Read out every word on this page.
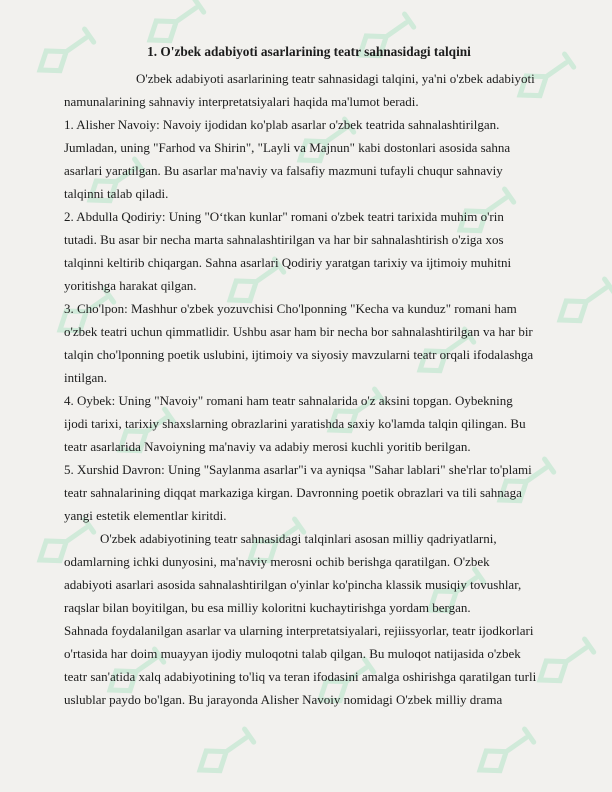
1. O'zbek adabiyoti asarlarining teatr sahnasidagi talqini
O'zbek adabiyoti asarlarining teatr sahnasidagi talqini, ya'ni o'zbek adabiyoti
namunalarining sahnaviy interpretatsiyalari haqida ma'lumot beradi.
1. Alisher Navoiy: Navoiy ijodidan ko'plab asarlar o'zbek teatrida sahnalashtirilgan.
Jumladan, uning "Farhod va Shirin", "Layli va Majnun" kabi dostonlari asosida sahna
asarlari yaratilgan. Bu asarlar ma'naviy va falsafiy mazmuni tufayli chuqur sahnaviy
talqinni talab qiladi.
2. Abdulla Qodiriy: Uning "O‘tkan kunlar" romani o'zbek teatri tarixida muhim o'rin
tutadi. Bu asar bir necha marta sahnalashtirilgan va har bir sahnalashtirish o'ziga xos
talqinni keltirib chiqargan. Sahna asarlari Qodiriy yaratgan tarixiy va ijtimoiy muhitni
yoritishga harakat qilgan.
3. Cho'lpon: Mashhur o'zbek yozuvchisi Cho'lponning "Kecha va kunduz" romani ham
o'zbek teatri uchun qimmatlidir. Ushbu asar ham bir necha bor sahnalashtirilgan va har bir
talqin cho'lponning poetik uslubini, ijtimoiy va siyosiy mavzularni teatr orqali ifodalashga
intilgan.
4. Oybek: Uning "Navoiy" romani ham teatr sahnalarida o'z aksini topgan. Oybekning
ijodi tarixi, tarixiy shaxslarning obrazlarini yaratishda saxiy ko'lamda talqin qilingan. Bu
teatr asarlarida Navoiyning ma'naviy va adabiy merosi kuchli yoritib berilgan.
5. Xurshid Davron: Uning "Saylanma asarlar"i va ayniqsa "Sahar lablari" she'rlar to'plami
teatr sahnalarining diqqat markaziga kirgan. Davronning poetik obrazlari va tili sahnaga
yangi estetik elementlar kiritdi.
O'zbek adabiyotining teatr sahnasidagi talqinlari asosan milliy qadriyatlarni,
odamlarning ichki dunyosini, ma'naviy merosni ochib berishga qaratilgan. O'zbek
adabiyoti asarlari asosida sahnalashtirilgan o'yinlar ko'pincha klassik musiqiy tovushlar,
raqslar bilan boyitilgan, bu esa milliy koloritni kuchaytirishga yordam bergan.
Sahnada foydalanilgan asarlar va ularning interpretatsiyalari, rejiissyorlar, teatr ijodkorlari
o'rtasida har doim muayyan ijodiy muloqotni talab qilgan. Bu muloqot natijasida o'zbek
teatr san'atida xalq adabiyotining to'liq va teran ifodasini amalga oshirishga qaratilgan turli
uslublar paydo bo'lgan. Bu jarayonda Alisher Navoiy nomidagi O'zbek milliy drama
